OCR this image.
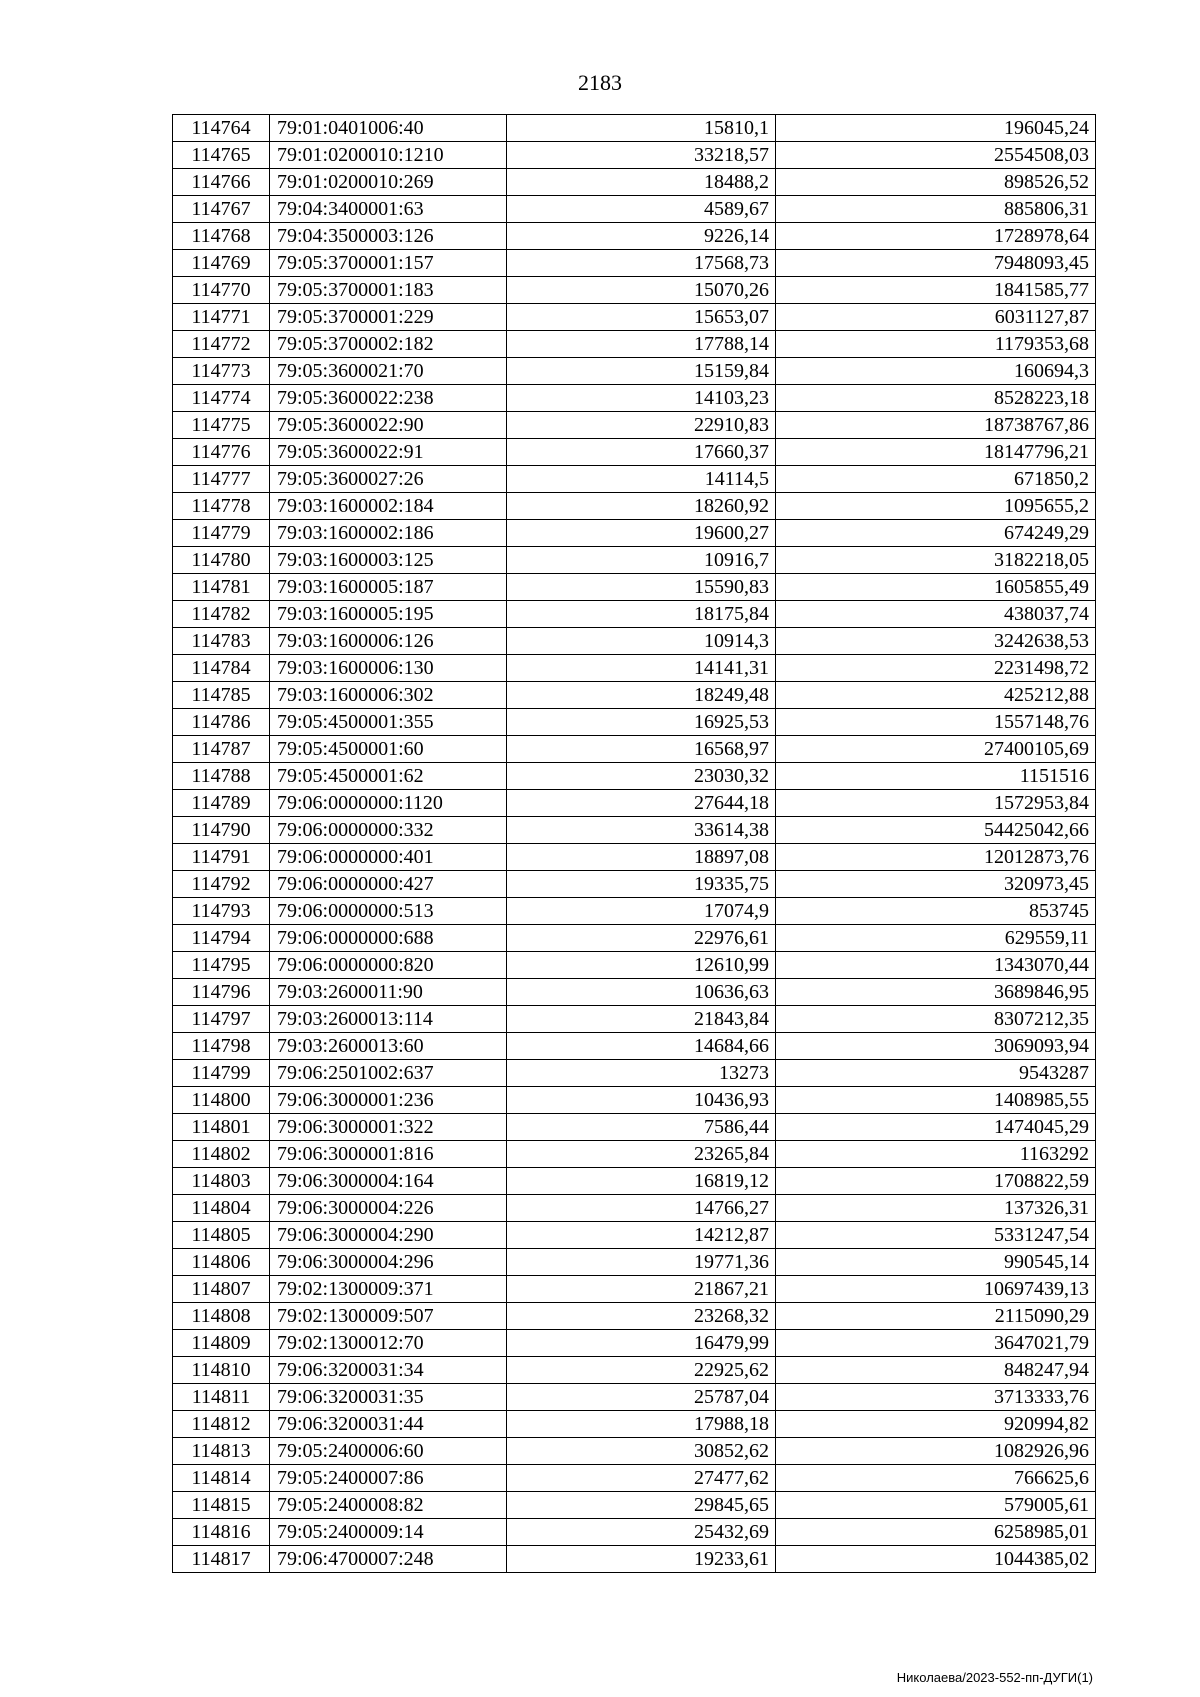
2183
114764	79:01:0401006:40	15810,1	196045,24
114765	79:01:0200010:1210	33218,57	2554508,03
114766	79:01:0200010:269	18488,2	898526,52
114767	79:04:3400001:63	4589,67	885806,31
114768	79:04:3500003:126	9226,14	1728978,64
114769	79:05:3700001:157	17568,73	7948093,45
114770	79:05:3700001:183	15070,26	1841585,77
114771	79:05:3700001:229	15653,07	6031127,87
114772	79:05:3700002:182	17788,14	1179353,68
114773	79:05:3600021:70	15159,84	160694,3
114774	79:05:3600022:238	14103,23	8528223,18
114775	79:05:3600022:90	22910,83	18738767,86
114776	79:05:3600022:91	17660,37	18147796,21
114777	79:05:3600027:26	14114,5	671850,2
114778	79:03:1600002:184	18260,92	1095655,2
114779	79:03:1600002:186	19600,27	674249,29
114780	79:03:1600003:125	10916,7	3182218,05
114781	79:03:1600005:187	15590,83	1605855,49
114782	79:03:1600005:195	18175,84	438037,74
114783	79:03:1600006:126	10914,3	3242638,53
114784	79:03:1600006:130	14141,31	2231498,72
114785	79:03:1600006:302	18249,48	425212,88
114786	79:05:4500001:355	16925,53	1557148,76
114787	79:05:4500001:60	16568,97	27400105,69
114788	79:05:4500001:62	23030,32	1151516
114789	79:06:0000000:1120	27644,18	1572953,84
114790	79:06:0000000:332	33614,38	54425042,66
114791	79:06:0000000:401	18897,08	12012873,76
114792	79:06:0000000:427	19335,75	320973,45
114793	79:06:0000000:513	17074,9	853745
114794	79:06:0000000:688	22976,61	629559,11
114795	79:06:0000000:820	12610,99	1343070,44
114796	79:03:2600011:90	10636,63	3689846,95
114797	79:03:2600013:114	21843,84	8307212,35
114798	79:03:2600013:60	14684,66	3069093,94
114799	79:06:2501002:637	13273	9543287
114800	79:06:3000001:236	10436,93	1408985,55
114801	79:06:3000001:322	7586,44	1474045,29
114802	79:06:3000001:816	23265,84	1163292
114803	79:06:3000004:164	16819,12	1708822,59
114804	79:06:3000004:226	14766,27	137326,31
114805	79:06:3000004:290	14212,87	5331247,54
114806	79:06:3000004:296	19771,36	990545,14
114807	79:02:1300009:371	21867,21	10697439,13
114808	79:02:1300009:507	23268,32	2115090,29
114809	79:02:1300012:70	16479,99	3647021,79
114810	79:06:3200031:34	22925,62	848247,94
114811	79:06:3200031:35	25787,04	3713333,76
114812	79:06:3200031:44	17988,18	920994,82
114813	79:05:2400006:60	30852,62	1082926,96
114814	79:05:2400007:86	27477,62	766625,6
114815	79:05:2400008:82	29845,65	579005,61
114816	79:05:2400009:14	25432,69	6258985,01
114817	79:06:4700007:248	19233,61	1044385,02
Николаева/2023-552-пп-ДУГИ(1)
